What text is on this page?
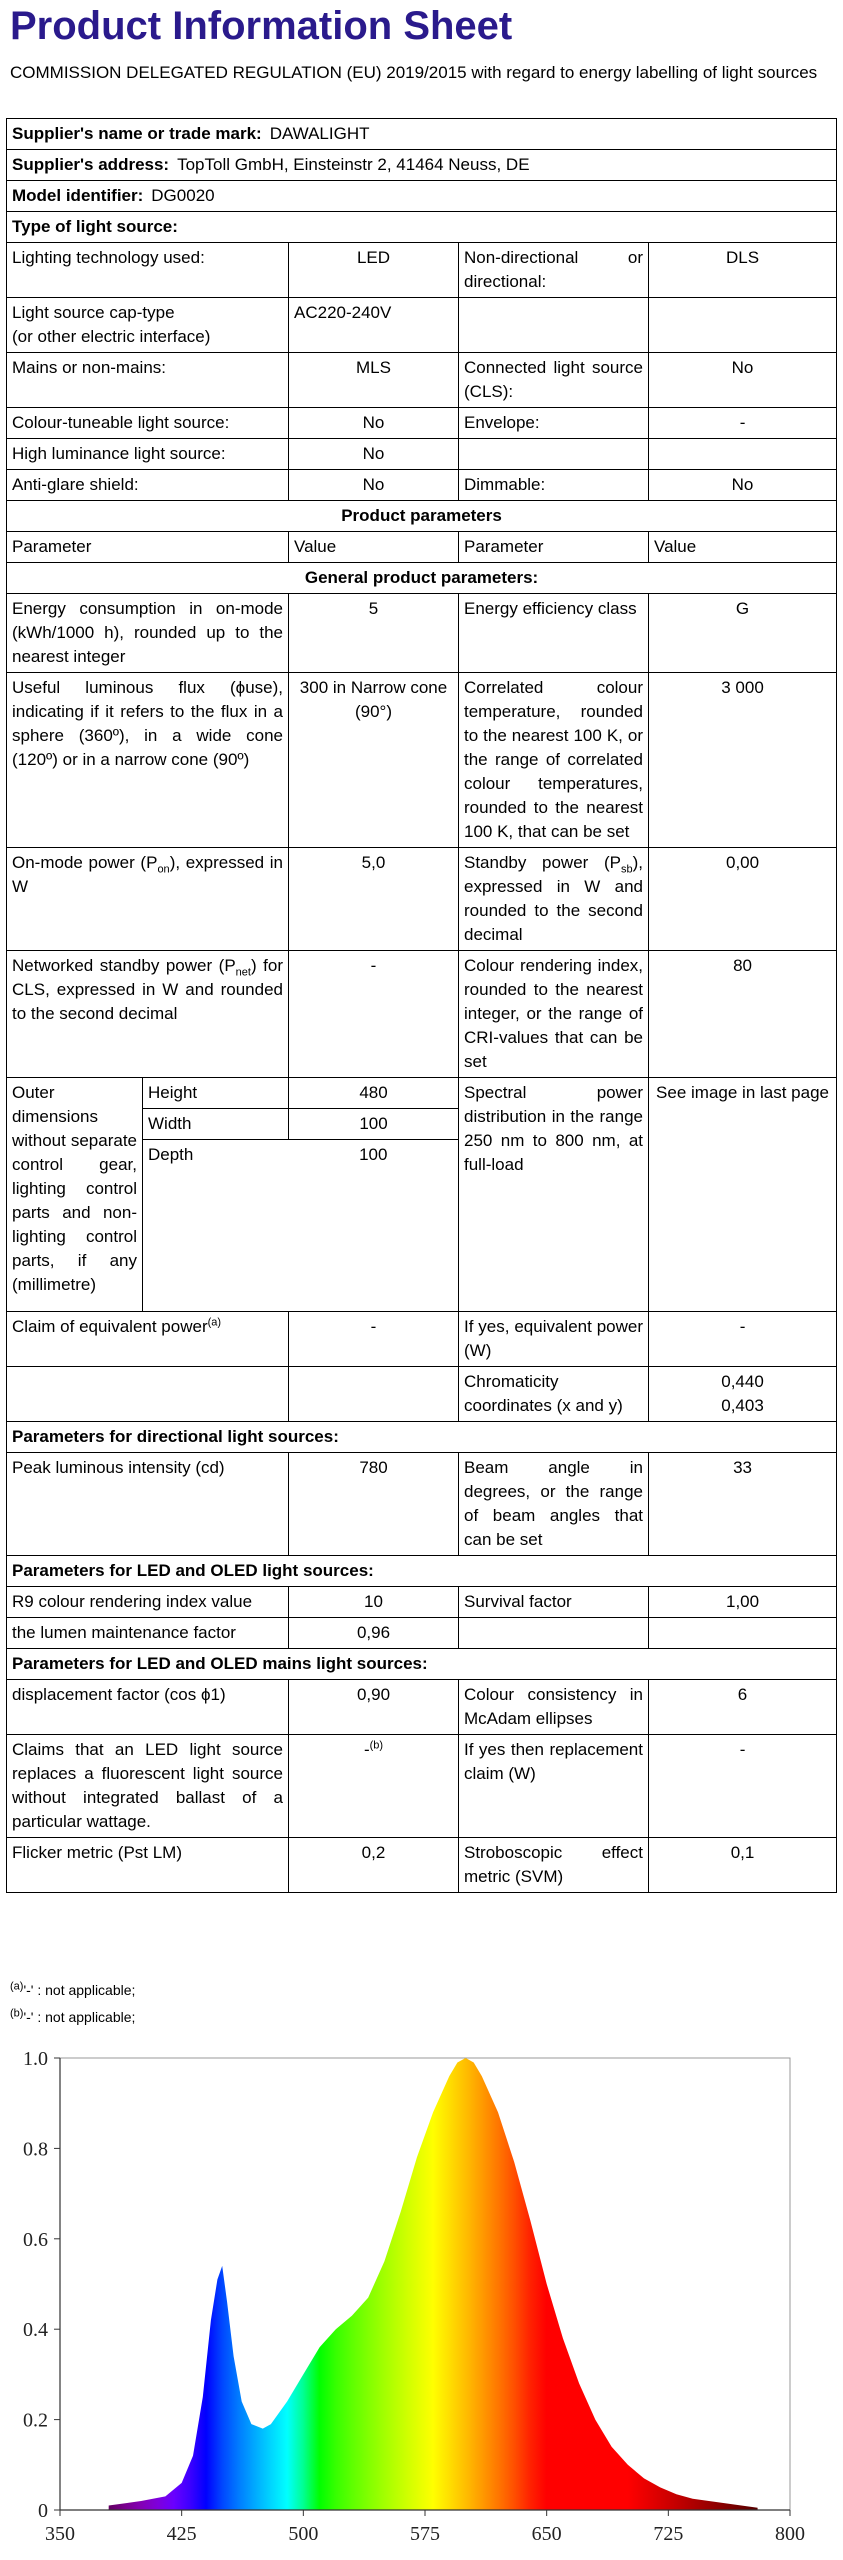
Product Information Sheet
COMMISSION DELEGATED REGULATION (EU) 2019/2015 with regard to energy labelling of light sources
Supplier's name or trade mark: DAWALIGHT				
Supplier's address: TopToll GmbH, Einsteinstr 2, 41464 Neuss, DE				
Model identifier: DG0020				
Type of light source:				
Lighting technology used:		LED	Non-directional or directional:	DLS

Light source cap-type
(or other electric interface)		AC220-240V		
Mains or non-mains:		MLS	Connected light source (CLS):	No
Colour-tuneable light source:		No	Envelope:	-
High luminance light source:		No		
Anti-glare shield:		No	Dimmable:	No
Product parameters				
Parameter		Value	Parameter	Value
General product parameters:				
Energy consumption in on-mode (kWh/1000 h), rounded up to the nearest integer		5	Energy efficiency class	G
Useful luminous flux (ϕuse), indicating if it refers to the flux in a sphere (360º), in a wide cone (120º) or in a narrow cone (90º)		300 in Narrow cone (90°)	Correlated colour temperature, rounded to the nearest 100 K, or the range of correlated colour temperatures, rounded to the nearest 100 K, that can be set	3 000
On-mode power $(P_{on})$, expressed in W		5,0	Standby power $(P_{sb})$, expressed in W and rounded to the second decimal	0,00
Networked standby power $(P_{net})$ for CLS, expressed in W and rounded to the second decimal		-	Colour rendering index, rounded to the nearest integer, or the range of CRI-values that can be set	80
Outer dimensions without separate control gear, lighting control parts and non-lighting control parts, if any (millimetre)	Height	480	Spectral power distribution in the range 250 nm to 800 nm, at full-load	See image in last page
	Width	100		
	Depth	100		
Claim of equivalent power$^{(a)}$		-	If yes, equivalent power (W)	-
			Chromaticity coordinates (x and y)	0,440
0,403

Parameters for directional light sources:				
Peak luminous intensity (cd)		780	Beam angle in degrees, or the range of beam angles that can be set	33
Parameters for LED and OLED light sources:				
R9 colour rendering index value		10	Survival factor	1,00
the lumen maintenance factor		0,96		
Parameters for LED and OLED mains light sources:				
displacement factor (cos ϕ1)		0,90	Colour consistency in McAdam ellipses	6
Claims that an LED light source replaces a fluorescent light source without integrated ballast of a particular wattage.		-$^{(b)}$	If yes then replacement claim (W)	-
Flicker metric (Pst LM)		0,2	Stroboscopic effect metric (SVM)	0,1
$^{(a)}$'-' : not applicable;
$^{(b)}$'-' : not applicable;
350	425	500	575	650	725	800
0
0.2
0.4
0.6
0.8
1.0
